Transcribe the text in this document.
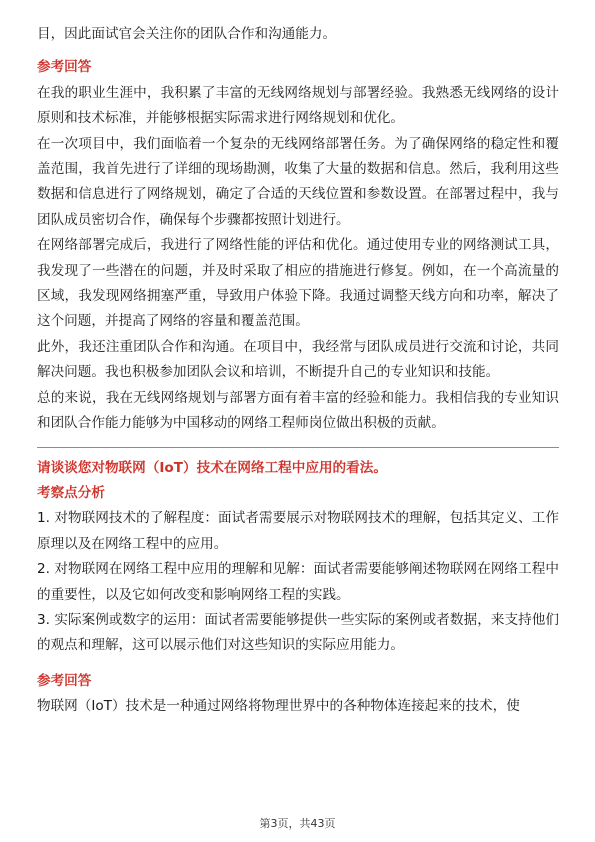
目，因此面试官会关注你的团队合作和沟通能力。

参考回答

在我的职业生涯中，我积累了丰富的无线网络规划与部署经验。我熟悉无线网络的设计原则和技术标准，并能够根据实际需求进行网络规划和优化。

在一次项目中，我们面临着一个复杂的无线网络部署任务。为了确保网络的稳定性和覆盖范围，我首先进行了详细的现场勘测，收集了大量的数据和信息。然后，我利用这些数据和信息进行了网络规划，确定了合适的天线位置和参数设置。在部署过程中，我与团队成员密切合作，确保每个步骤都按照计划进行。

在网络部署完成后，我进行了网络性能的评估和优化。通过使用专业的网络测试工具，我发现了一些潜在的问题，并及时采取了相应的措施进行修复。例如，在一个高流量的区域，我发现网络拥塞严重，导致用户体验下降。我通过调整天线方向和功率，解决了这个问题，并提高了网络的容量和覆盖范围。

此外，我还注重团队合作和沟通。在项目中，我经常与团队成员进行交流和讨论，共同解决问题。我也积极参加团队会议和培训，不断提升自己的专业知识和技能。

总的来说，我在无线网络规划与部署方面有着丰富的经验和能力。我相信我的专业知识和团队合作能力能够为中国移动的网络工程师岗位做出积极的贡献。

请谈谈您对物联网（IoT）技术在网络工程中应用的看法。

考察点分析

1. 对物联网技术的了解程度：面试者需要展示对物联网技术的理解，包括其定义、工作原理以及在网络工程中的应用。

2. 对物联网在网络工程中应用的理解和见解：面试者需要能够阐述物联网在网络工程中的重要性，以及它如何改变和影响网络工程的实践。

3. 实际案例或数字的运用：面试者需要能够提供一些实际的案例或者数据，来支持他们的观点和理解，这可以展示他们对这些知识的实际应用能力。

参考回答

物联网（IoT）技术是一种通过网络将物理世界中的各种物体连接起来的技术，使

第3页，共43页
